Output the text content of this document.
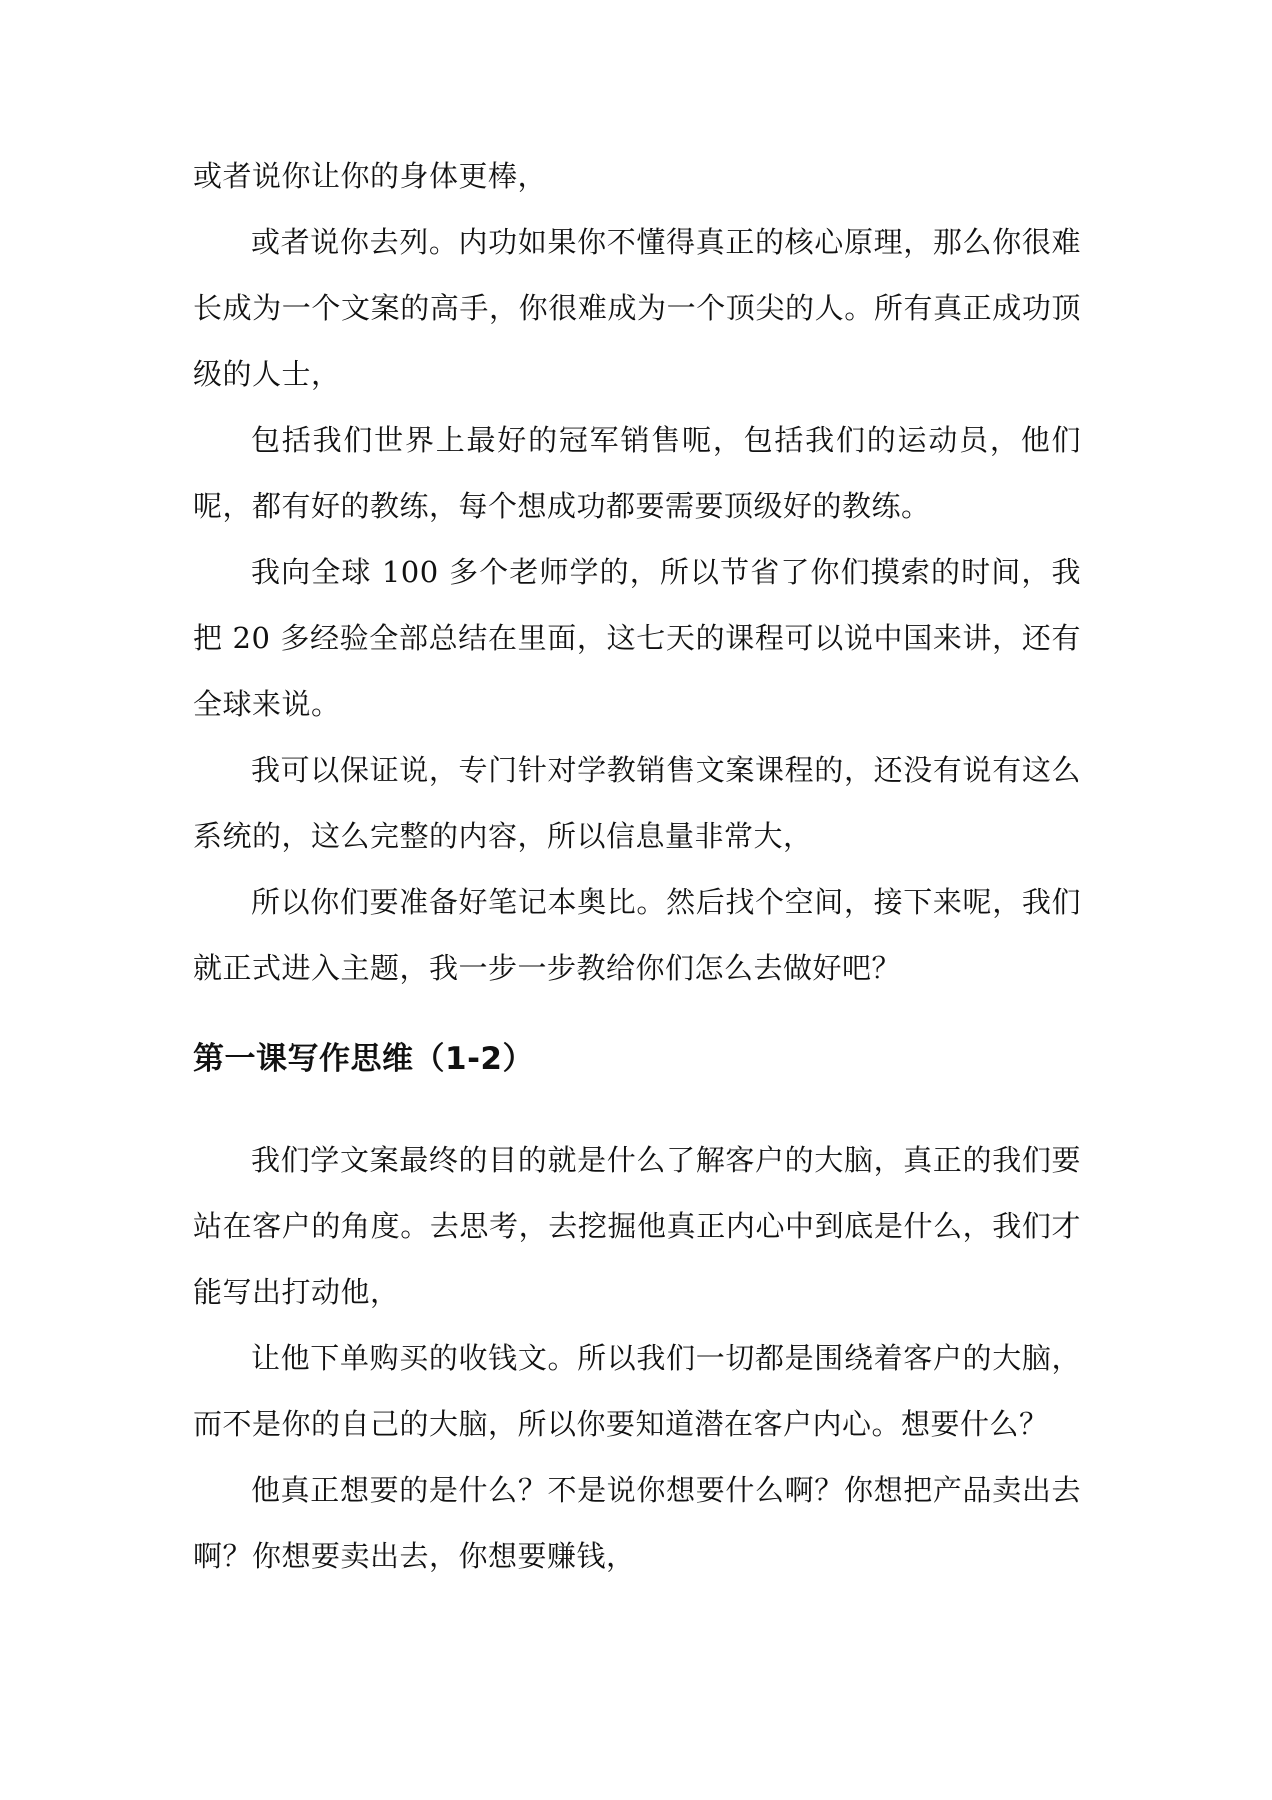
或者说你让你的身体更棒，

或者说你去列。内功如果你不懂得真正的核心原理，那么你很难长成为一个文案的高手，你很难成为一个顶尖的人。所有真正成功顶级的人士，

包括我们世界上最好的冠军销售呃，包括我们的运动员，他们呢，都有好的教练，每个想成功都要需要顶级好的教练。

我向全球 100 多个老师学的，所以节省了你们摸索的时间，我把 20 多经验全部总结在里面，这七天的课程可以说中国来讲，还有全球来说。

我可以保证说，专门针对学教销售文案课程的，还没有说有这么系统的，这么完整的内容，所以信息量非常大，

所以你们要准备好笔记本奥比。然后找个空间，接下来呢，我们就正式进入主题，我一步一步教给你们怎么去做好吧？

第一课写作思维（1-2）

我们学文案最终的目的就是什么了解客户的大脑，真正的我们要站在客户的角度。去思考，去挖掘他真正内心中到底是什么，我们才能写出打动他，

让他下单购买的收钱文。所以我们一切都是围绕着客户的大脑，而不是你的自己的大脑，所以你要知道潜在客户内心。想要什么？

他真正想要的是什么？不是说你想要什么啊？你想把产品卖出去啊？你想要卖出去，你想要赚钱，
